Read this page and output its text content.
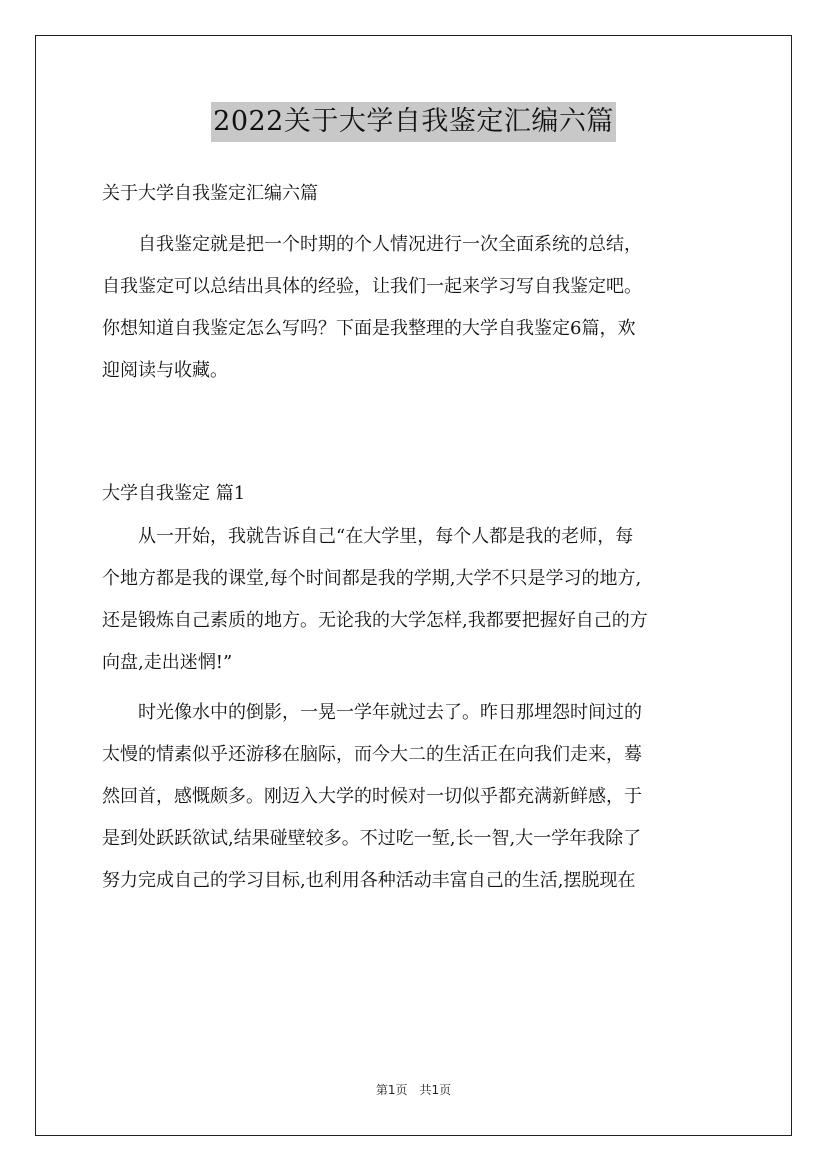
2022关于大学自我鉴定汇编六篇

关于大学自我鉴定汇编六篇

自我鉴定就是把一个时期的个人情况进行一次全面系统的总结，
自我鉴定可以总结出具体的经验，让我们一起来学习写自我鉴定吧。
你想知道自我鉴定怎么写吗？下面是我整理的大学自我鉴定6篇，欢
迎阅读与收藏。

大学自我鉴定 篇1

从一开始，我就告诉自己“在大学里，每个人都是我的老师，每
个地方都是我的课堂,每个时间都是我的学期,大学不只是学习的地方,
还是锻炼自己素质的地方。无论我的大学怎样,我都要把握好自己的方
向盘,走出迷惘!”

时光像水中的倒影，一晃一学年就过去了。昨日那埋怨时间过的
太慢的情素似乎还游移在脑际，而今大二的生活正在向我们走来，蓦
然回首，感慨颇多。刚迈入大学的时候对一切似乎都充满新鲜感，于
是到处跃跃欲试,结果碰壁较多。不过吃一堑,长一智,大一学年我除了
努力完成自己的学习目标,也利用各种活动丰富自己的生活,摆脱现在

第1页　共1页
